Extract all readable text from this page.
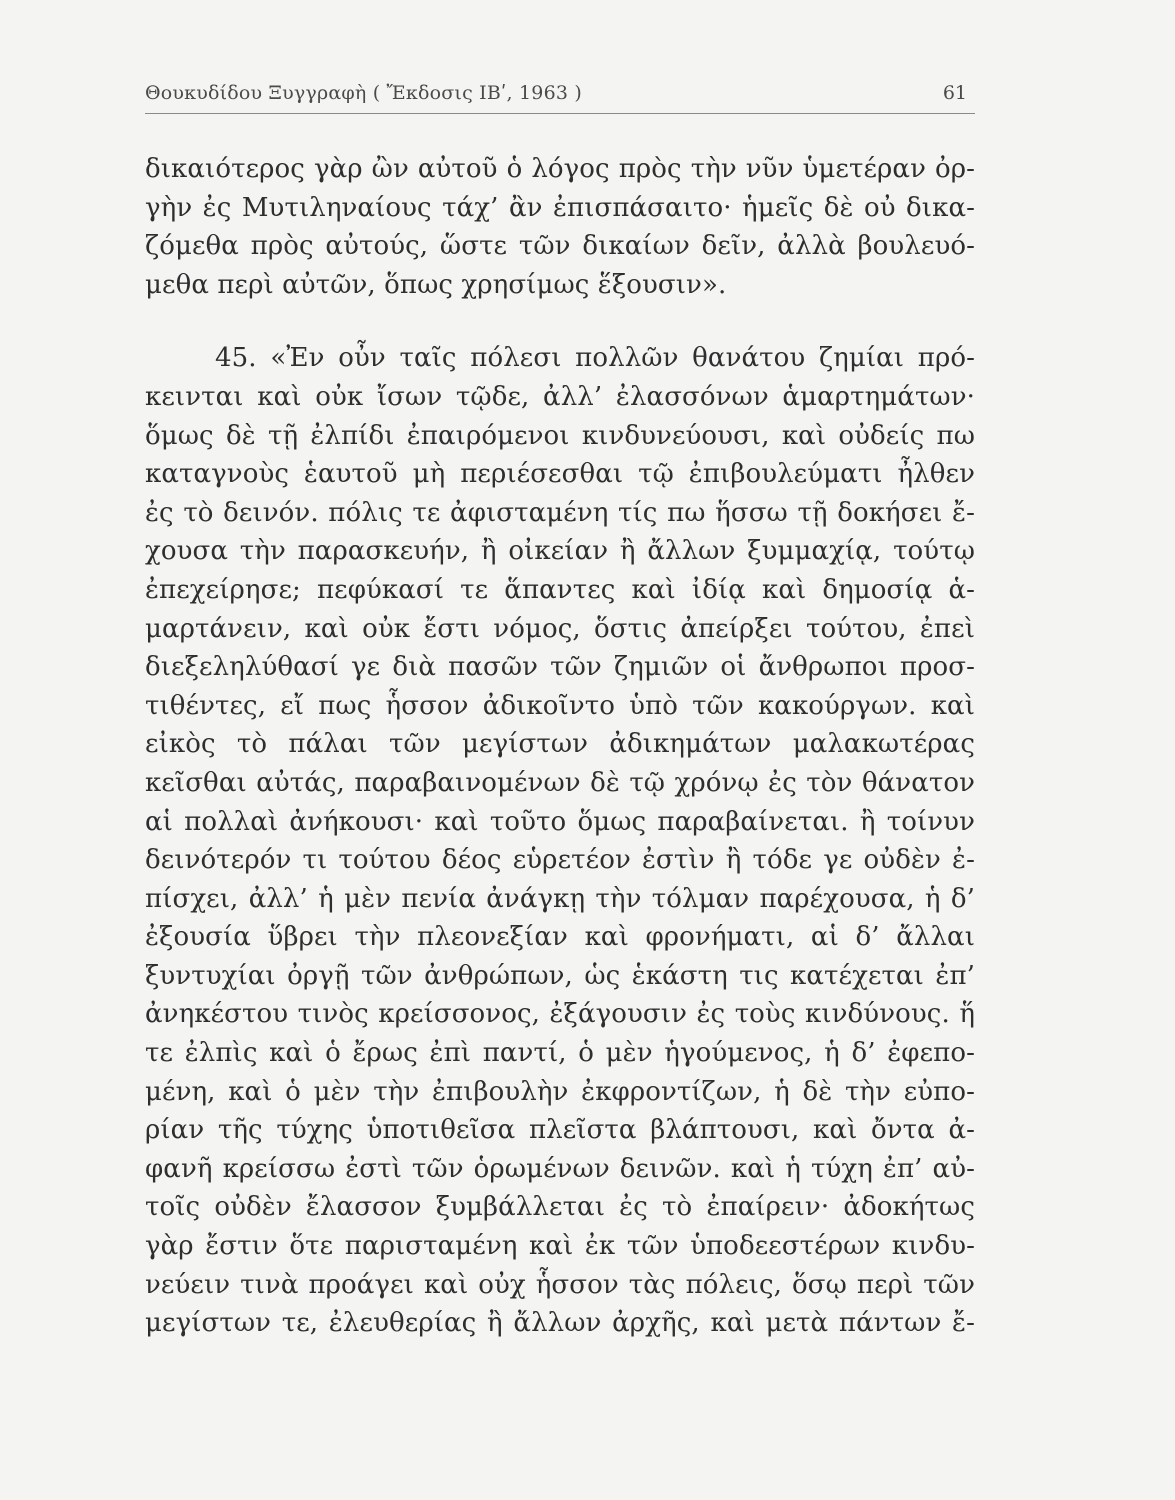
Θουκυδίδου Ξυγγραφὴ ( Ἔκδοσις ΙΒʹ, 1963 )	61
δικαιότερος γὰρ ὢν αὐτοῦ ὁ λόγος πρὸς τὴν νῦν ὑμετέραν ὀρ-
γὴν ἐς Μυτιληναίους τάχ’ ἂν ἐπισπάσαιτο· ἡμεῖς δὲ οὐ δικα-
ζόμεθα πρὸς αὐτούς, ὥστε τῶν δικαίων δεῖν, ἀλλὰ βουλευό-
μεθα περὶ αὐτῶν, ὅπως χρησίμως ἕξουσιν».
45. «Ἐν οὖν ταῖς πόλεσι πολλῶν θανάτου ζημίαι πρό-
κεινται καὶ οὐκ ἴσων τῷδε, ἀλλ’ ἐλασσόνων ἁμαρτημάτων·
ὅμως δὲ τῇ ἐλπίδι ἐπαιρόμενοι κινδυνεύουσι, καὶ οὐδείς πω
καταγνοὺς ἑαυτοῦ μὴ περιέσεσθαι τῷ ἐπιβουλεύματι ἦλθεν
ἐς τὸ δεινόν. πόλις τε ἀφισταμένη τίς πω ἥσσω τῇ δοκήσει ἔ-
χουσα τὴν παρασκευήν, ἢ οἰκείαν ἢ ἄλλων ξυμμαχίᾳ, τούτῳ
ἐπεχείρησε; πεφύκασί τε ἅπαντες καὶ ἰδίᾳ καὶ δημοσίᾳ ἁ-
μαρτάνειν, καὶ οὐκ ἔστι νόμος, ὅστις ἀπείρξει τούτου, ἐπεὶ
διεξεληλύθασί γε διὰ πασῶν τῶν ζημιῶν οἱ ἄνθρωποι προσ-
τιθέντες, εἴ πως ἧσσον ἀδικοῖντο ὑπὸ τῶν κακούργων. καὶ
εἰκὸς τὸ πάλαι τῶν μεγίστων ἀδικημάτων μαλακωτέρας
κεῖσθαι αὐτάς, παραβαινομένων δὲ τῷ χρόνῳ ἐς τὸν θάνατον
αἱ πολλαὶ ἀνήκουσι· καὶ τοῦτο ὅμως παραβαίνεται. ἢ τοίνυν
δεινότερόν τι τούτου δέος εὑρετέον ἐστὶν ἢ τόδε γε οὐδὲν ἐ-
πίσχει, ἀλλ’ ἡ μὲν πενία ἀνάγκῃ τὴν τόλμαν παρέχουσα, ἡ δ’
ἐξουσία ὕβρει τὴν πλεονεξίαν καὶ φρονήματι, αἱ δ’ ἄλλαι
ξυντυχίαι ὀργῇ τῶν ἀνθρώπων, ὡς ἑκάστη τις κατέχεται ἐπ’
ἀνηκέστου τινὸς κρείσσονος, ἐξάγουσιν ἐς τοὺς κινδύνους. ἥ
τε ἐλπὶς καὶ ὁ ἔρως ἐπὶ παντί, ὁ μὲν ἡγούμενος, ἡ δ’ ἐφεπο-
μένη, καὶ ὁ μὲν τὴν ἐπιβουλὴν ἐκφροντίζων, ἡ δὲ τὴν εὐπο-
ρίαν τῆς τύχης ὑποτιθεῖσα πλεῖστα βλάπτουσι, καὶ ὄντα ἀ-
φανῆ κρείσσω ἐστὶ τῶν ὁρωμένων δεινῶν. καὶ ἡ τύχη ἐπ’ αὐ-
τοῖς οὐδὲν ἔλασσον ξυμβάλλεται ἐς τὸ ἐπαίρειν· ἀδοκήτως
γὰρ ἔστιν ὅτε παρισταμένη καὶ ἐκ τῶν ὑποδεεστέρων κινδυ-
νεύειν τινὰ προάγει καὶ οὐχ ἧσσον τὰς πόλεις, ὅσῳ περὶ τῶν
μεγίστων τε, ἐλευθερίας ἢ ἄλλων ἀρχῆς, καὶ μετὰ πάντων ἔ-
